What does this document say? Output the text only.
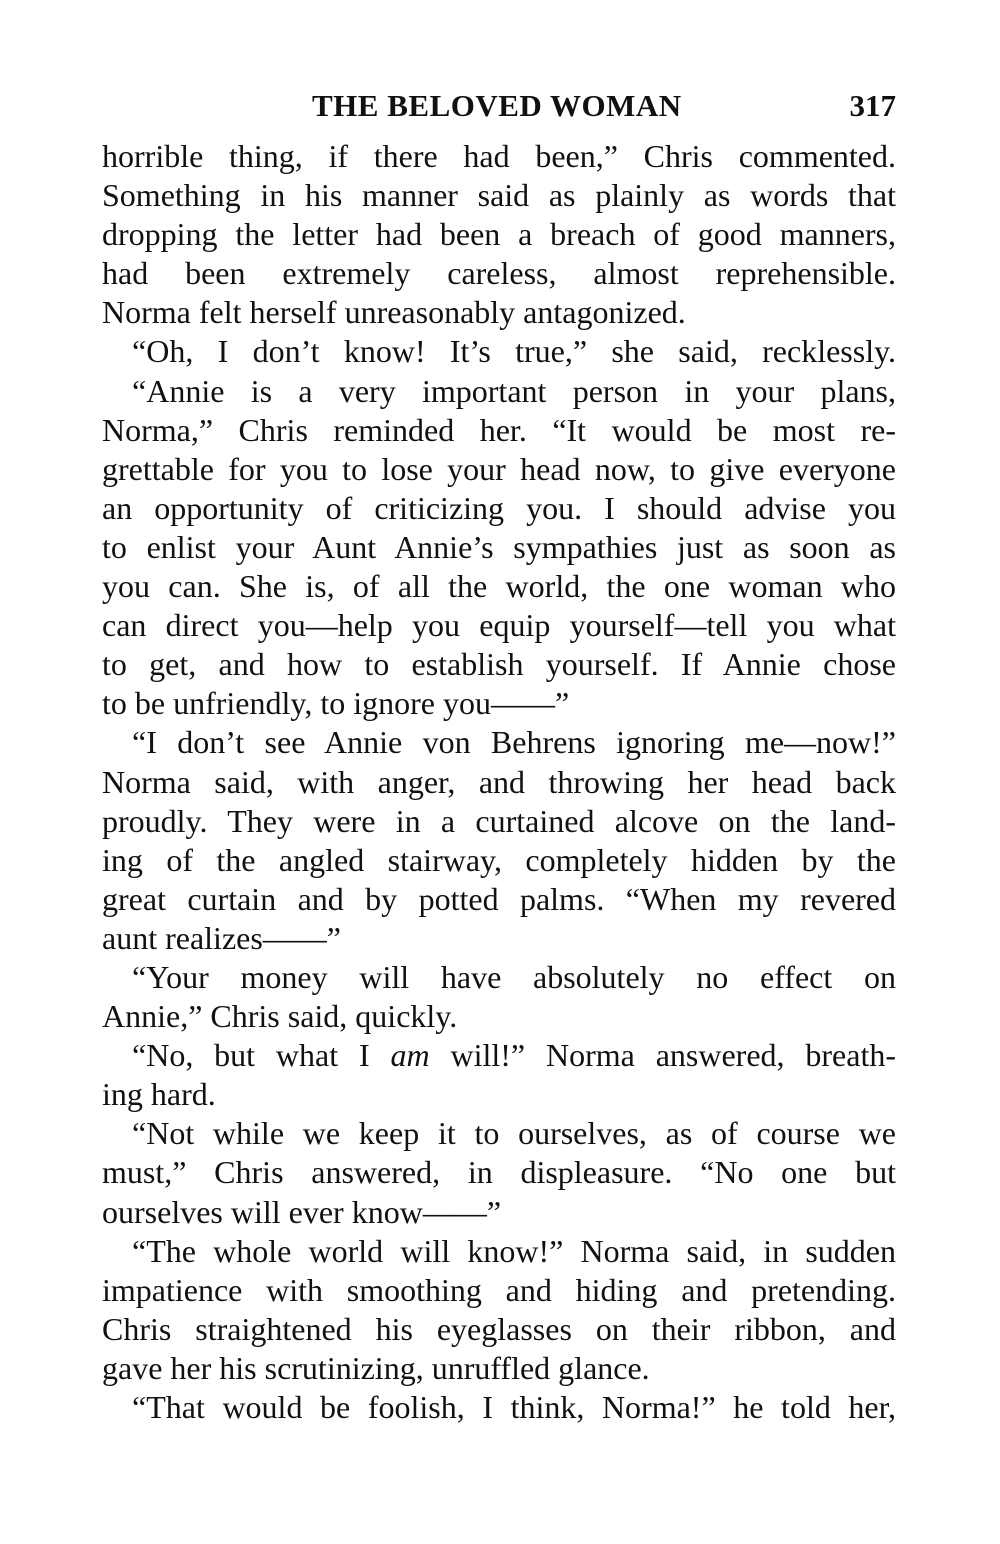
THE BELOVED WOMAN	317
horrible thing, if there had been,” Chris commented.
Something in his manner said as plainly as words that
dropping the letter had been a breach of good manners,
had been extremely careless, almost reprehensible.
Norma felt herself unreasonably antagonized.
“Oh, I don’t know! It’s true,” she said, recklessly.
“Annie is a very important person in your plans,
Norma,” Chris reminded her. “It would be most re-
grettable for you to lose your head now, to give everyone
an opportunity of criticizing you. I should advise you
to enlist your Aunt Annie’s sympathies just as soon as
you can. She is, of all the world, the one woman who
can direct you—help you equip yourself—tell you what
to get, and how to establish yourself. If Annie chose
to be unfriendly, to ignore you——”
“I don’t see Annie von Behrens ignoring me—now!”
Norma said, with anger, and throwing her head back
proudly. They were in a curtained alcove on the land-
ing of the angled stairway, completely hidden by the
great curtain and by potted palms. “When my revered
aunt realizes——”
“Your money will have absolutely no effect on
Annie,” Chris said, quickly.
“No, but what I am will!” Norma answered, breath-
ing hard.
“Not while we keep it to ourselves, as of course we
must,” Chris answered, in displeasure. “No one but
ourselves will ever know——”
“The whole world will know!” Norma said, in sudden
impatience with smoothing and hiding and pretending.
Chris straightened his eyeglasses on their ribbon, and
gave her his scrutinizing, unruffled glance.
“That would be foolish, I think, Norma!” he told her,
